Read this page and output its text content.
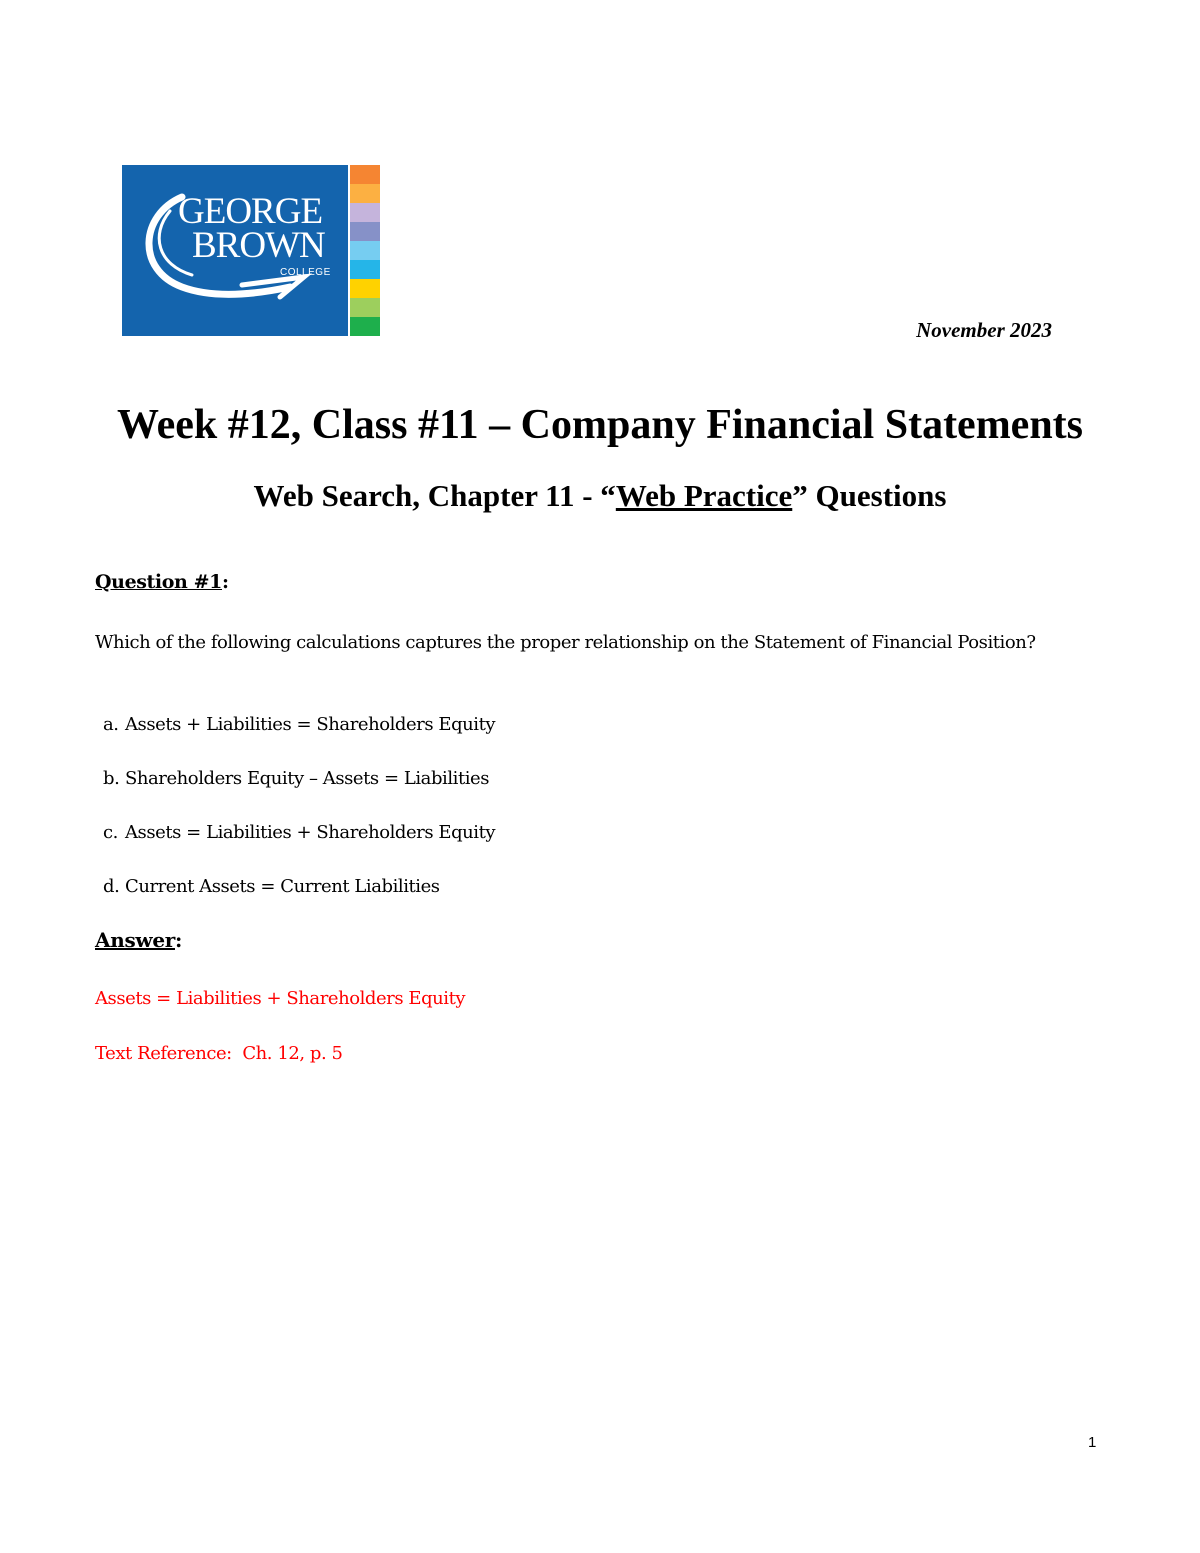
GEORGE
BROWN
COLLEGE
November 2023
Week #12, Class #11 – Company Financial Statements
Web Search, Chapter 11 - “Web Practice” Questions
Question #1:
Which of the following calculations captures the proper relationship on the Statement of Financial Position?
a. Assets + Liabilities = Shareholders Equity
b. Shareholders Equity – Assets = Liabilities
c. Assets = Liabilities + Shareholders Equity
d. Current Assets = Current Liabilities
Answer:
Assets = Liabilities + Shareholders Equity
Text Reference:  Ch. 12, p. 5
1
